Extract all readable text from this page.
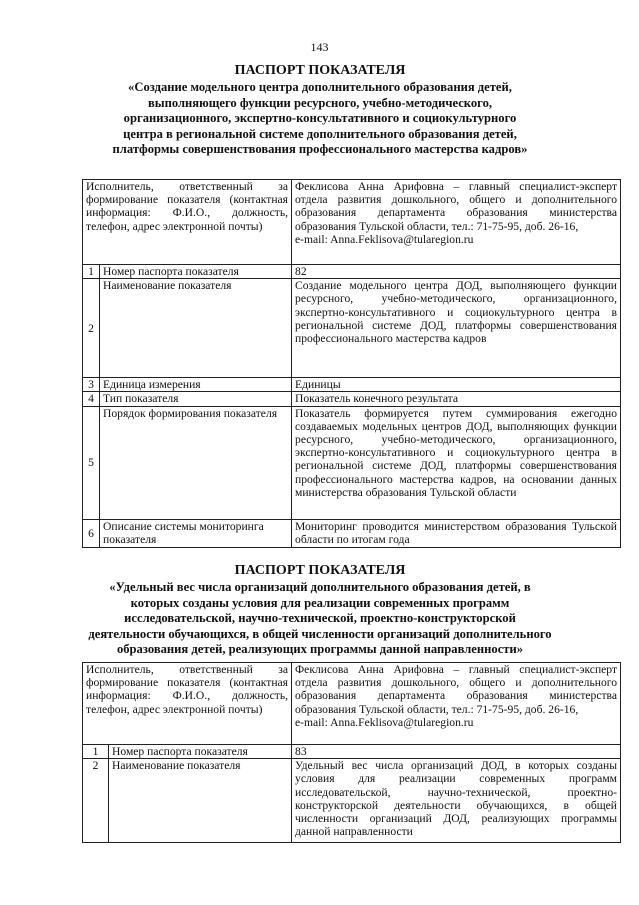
143
ПАСПОРТ ПОКАЗАТЕЛЯ
«Создание модельного центра дополнительного образования детей,
выполняющего функции ресурсного, учебно-методического,
организационного, экспертно-консультативного и социокультурного
центра в региональной системе дополнительного образования детей,
платформы совершенствования профессионального мастерства кадров»
Исполнитель, ответственный за формирование показателя (контактная информация: Ф.И.О., должность, телефон, адрес электронной почты)		Феклисова Анна Арифовна – главный специалист-эксперт отдела развития дошкольного, общего и дополнительного образования департамента образования министерства образования Тульской области, тел.: 71-75-95, доб. 26-16,
e-mail: Anna.Feklisova@tularegion.ru

1	Номер паспорта показателя	82
2	Наименование показателя	Создание модельного центра ДОД, выполняющего функции ресурсного, учебно-методического, организационного, экспертно-консультативного и социокультурного центра в региональной системе ДОД, платформы совершенствования профессионального мастерства кадров
3	Единица измерения	Единицы
4	Тип показателя	Показатель конечного результата
5	Порядок формирования показателя	Показатель формируется путем суммирования ежегодно создаваемых модельных центров ДОД, выполняющих функции ресурсного, учебно-методического, организационного, экспертно-консультативного и социокультурного центра в региональной системе ДОД, платформы совершенствования профессионального мастерства кадров, на основании данных министерства образования Тульской области
6	Описание системы мониторинга показателя	Мониторинг проводится министерством образования Тульской области по итогам года
ПАСПОРТ ПОКАЗАТЕЛЯ
«Удельный вес числа организаций дополнительного образования детей, в
которых созданы условия для реализации современных программ
исследовательской, научно-технической, проектно-конструкторской
деятельности обучающихся, в общей численности организаций дополнительного
образования детей, реализующих программы данной направленности»
Исполнитель, ответственный за формирование показателя (контактная информация: Ф.И.О., должность, телефон, адрес электронной почты)		Феклисова Анна Арифовна – главный специалист-эксперт отдела развития дошкольного, общего и дополнительного образования департамента образования министерства образования Тульской области, тел.: 71-75-95, доб. 26-16,
e-mail: Anna.Feklisova@tularegion.ru

1	Номер паспорта показателя	83
2	Наименование показателя	Удельный вес числа организаций ДОД, в которых созданы условия для реализации современных программ исследовательской, научно-технической, проектно-конструкторской деятельности обучающихся, в общей численности организаций ДОД, реализующих программы данной направленности
